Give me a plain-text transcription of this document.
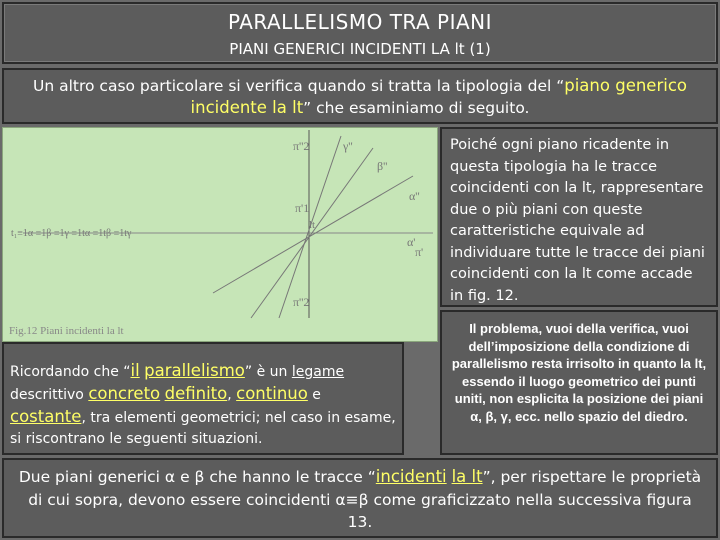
PARALLELISMO TRA PIANI
PIANI GENERICI INCIDENTI LA lt (1)
Un altro caso particolare si verifica quando si tratta la tipologia del “piano generico incidente la lt” che esaminiamo di seguito.
π''2	γ''
β''
α''
π'1
lt
α'
π'
π''2
t₁≡1α ≡1β ≡1γ ≡1tα ≡1tβ ≡1tγ
Fig.12 Piani incidenti la lt
Poiché ogni piano ricadente in questa tipologia ha le tracce coincidenti con la lt, rappresentare due o più piani con queste caratteristiche equivale ad individuare tutte le tracce dei piani coincidenti con la lt come accade in fig. 12.
Ricordando che “il parallelismo” è un legame descrittivo concreto definito, continuo e costante, tra elementi geometrici; nel caso in esame, si riscontrano le seguenti situazioni.
Il problema, vuoi della verifica, vuoi dell’imposizione della condizione di parallelismo resta irrisolto in quanto la lt, essendo il luogo geometrico dei punti uniti, non esplicita la posizione dei piani α, β, γ, ecc. nello spazio del diedro.
Due piani generici α e β che hanno le tracce “incidenti la lt”, per rispettare le proprietà di cui sopra, devono essere coincidenti α≡β come graficizzato nella successiva figura 13.
